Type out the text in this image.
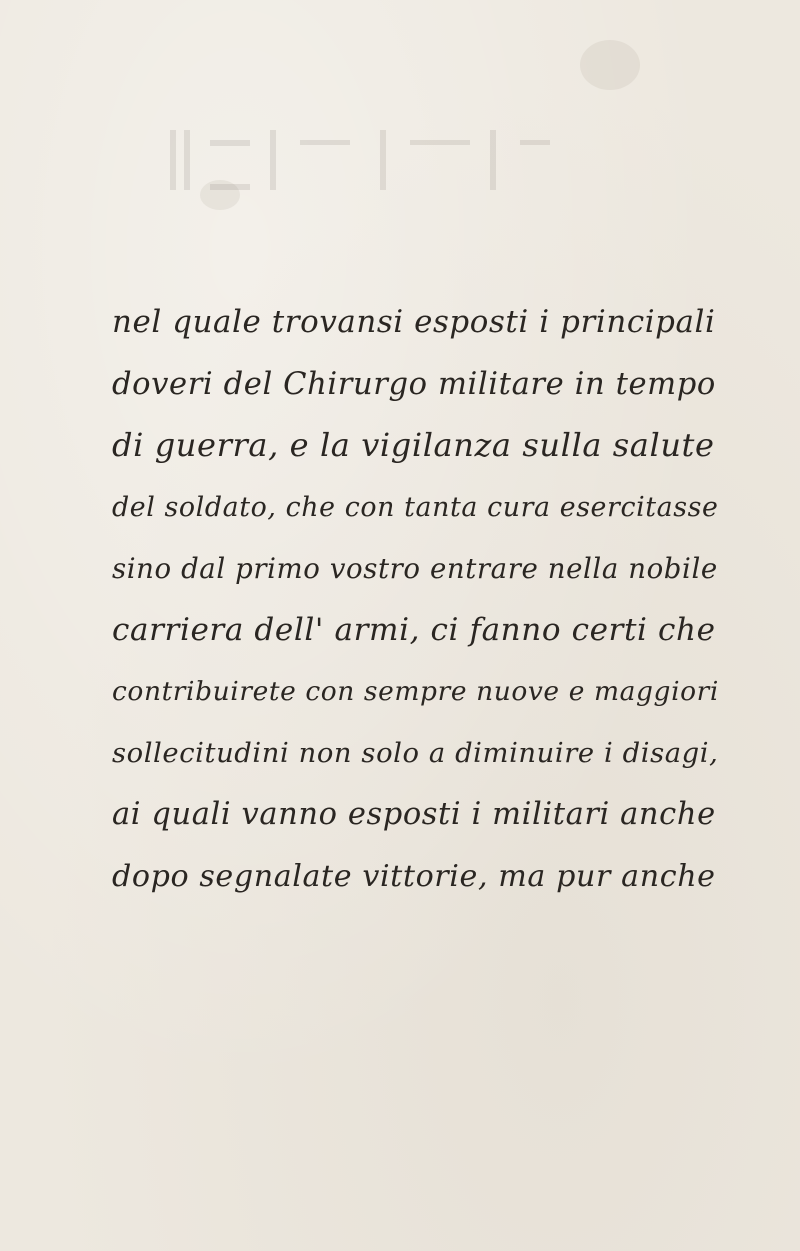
nel quale trovansi esposti i principali
doveri del Chirurgo militare in tempo
di guerra, e la vigilanza sulla salute
del soldato, che con tanta cura esercitasse
sino dal primo vostro entrare nella nobile
carriera dell' armi, ci fanno certi che
contribuirete con sempre nuove e maggiori
sollecitudini non solo a diminuire i disagi,
ai quali vanno esposti i militari anche
dopo segnalate vittorie, ma pur anche
